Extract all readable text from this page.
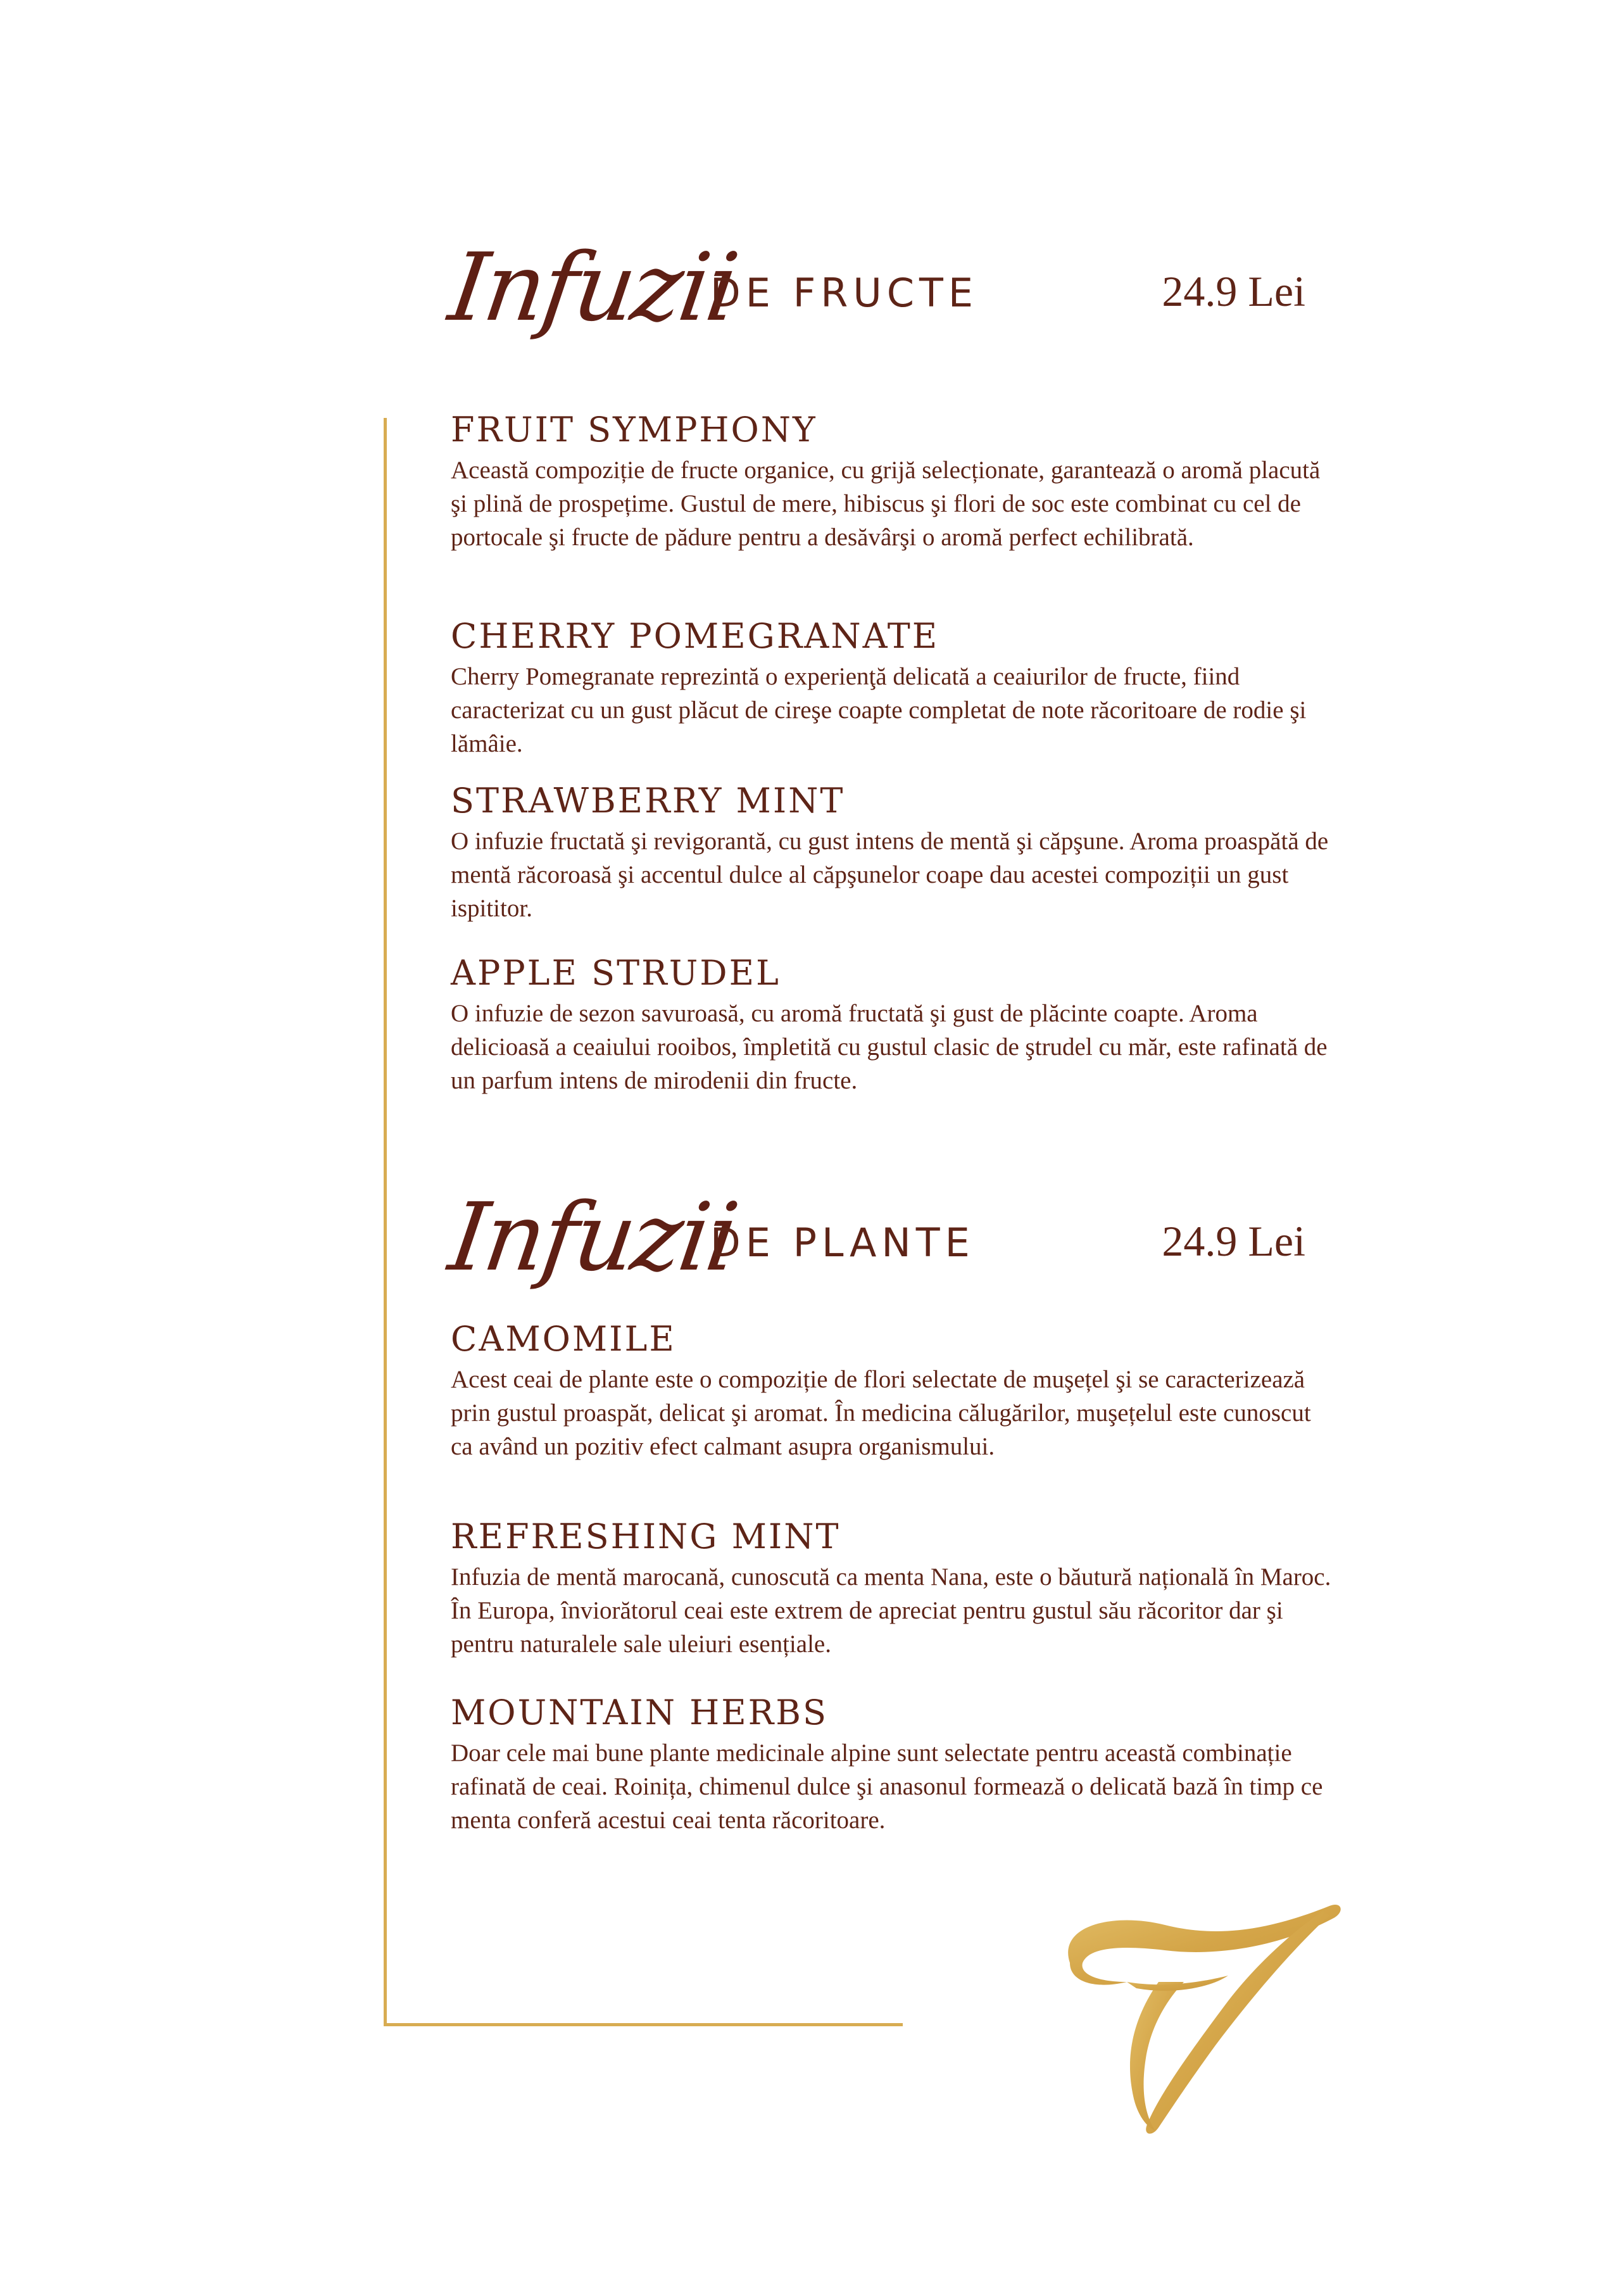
Infuzii
DE FRUCTE	24.9 Lei
FRUIT SYMPHONY

Această compoziție de fructe organice, cu grijă selecționate, garantează o aromă placută şi plină de prospețime. Gustul de mere, hibiscus şi flori de soc este combinat cu cel de portocale şi fructe de pădure pentru a desăvârşi o aromă perfect echilibrată.

CHERRY POMEGRANATE

Cherry Pomegranate reprezintă o experienţă delicată a ceaiurilor de fructe, fiind caracterizat cu un gust plăcut de cireşe coapte completat de note răcoritoare de rodie şi lămâie.

STRAWBERRY MINT

O infuzie fructată şi revigorantă, cu gust intens de mentă şi căpşune. Aroma proaspătă de mentă răcoroasă şi accentul dulce al căpşunelor coape dau acestei compoziții un gust ispititor.

APPLE STRUDEL

O infuzie de sezon savuroasă, cu aromă fructată şi gust de plăcinte coapte. Aroma delicioasă a ceaiului rooibos, împletită cu gustul clasic de ştrudel cu măr, este rafinată de un parfum intens de mirodenii din fructe.

Infuzii
DE PLANTE	24.9 Lei
CAMOMILE

Acest ceai de plante este o compoziție de flori selectate de muşețel şi se caracterizează prin gustul proaspăt, delicat şi aromat. În medicina călugărilor, muşețelul este cunoscut ca având un pozitiv efect calmant asupra organismului.

REFRESHING MINT

Infuzia de mentă marocană, cunoscută ca menta Nana, este o băutură națională în Maroc. În Europa, înviorătorul ceai este extrem de apreciat pentru gustul său răcoritor dar şi pentru naturalele sale uleiuri esențiale.

MOUNTAIN HERBS

Doar cele mai bune plante medicinale alpine sunt selectate pentru această combinație rafinată de ceai. Roinița, chimenul dulce şi anasonul formează o delicată bază în timp ce menta conferă acestui ceai tenta răcoritoare.
